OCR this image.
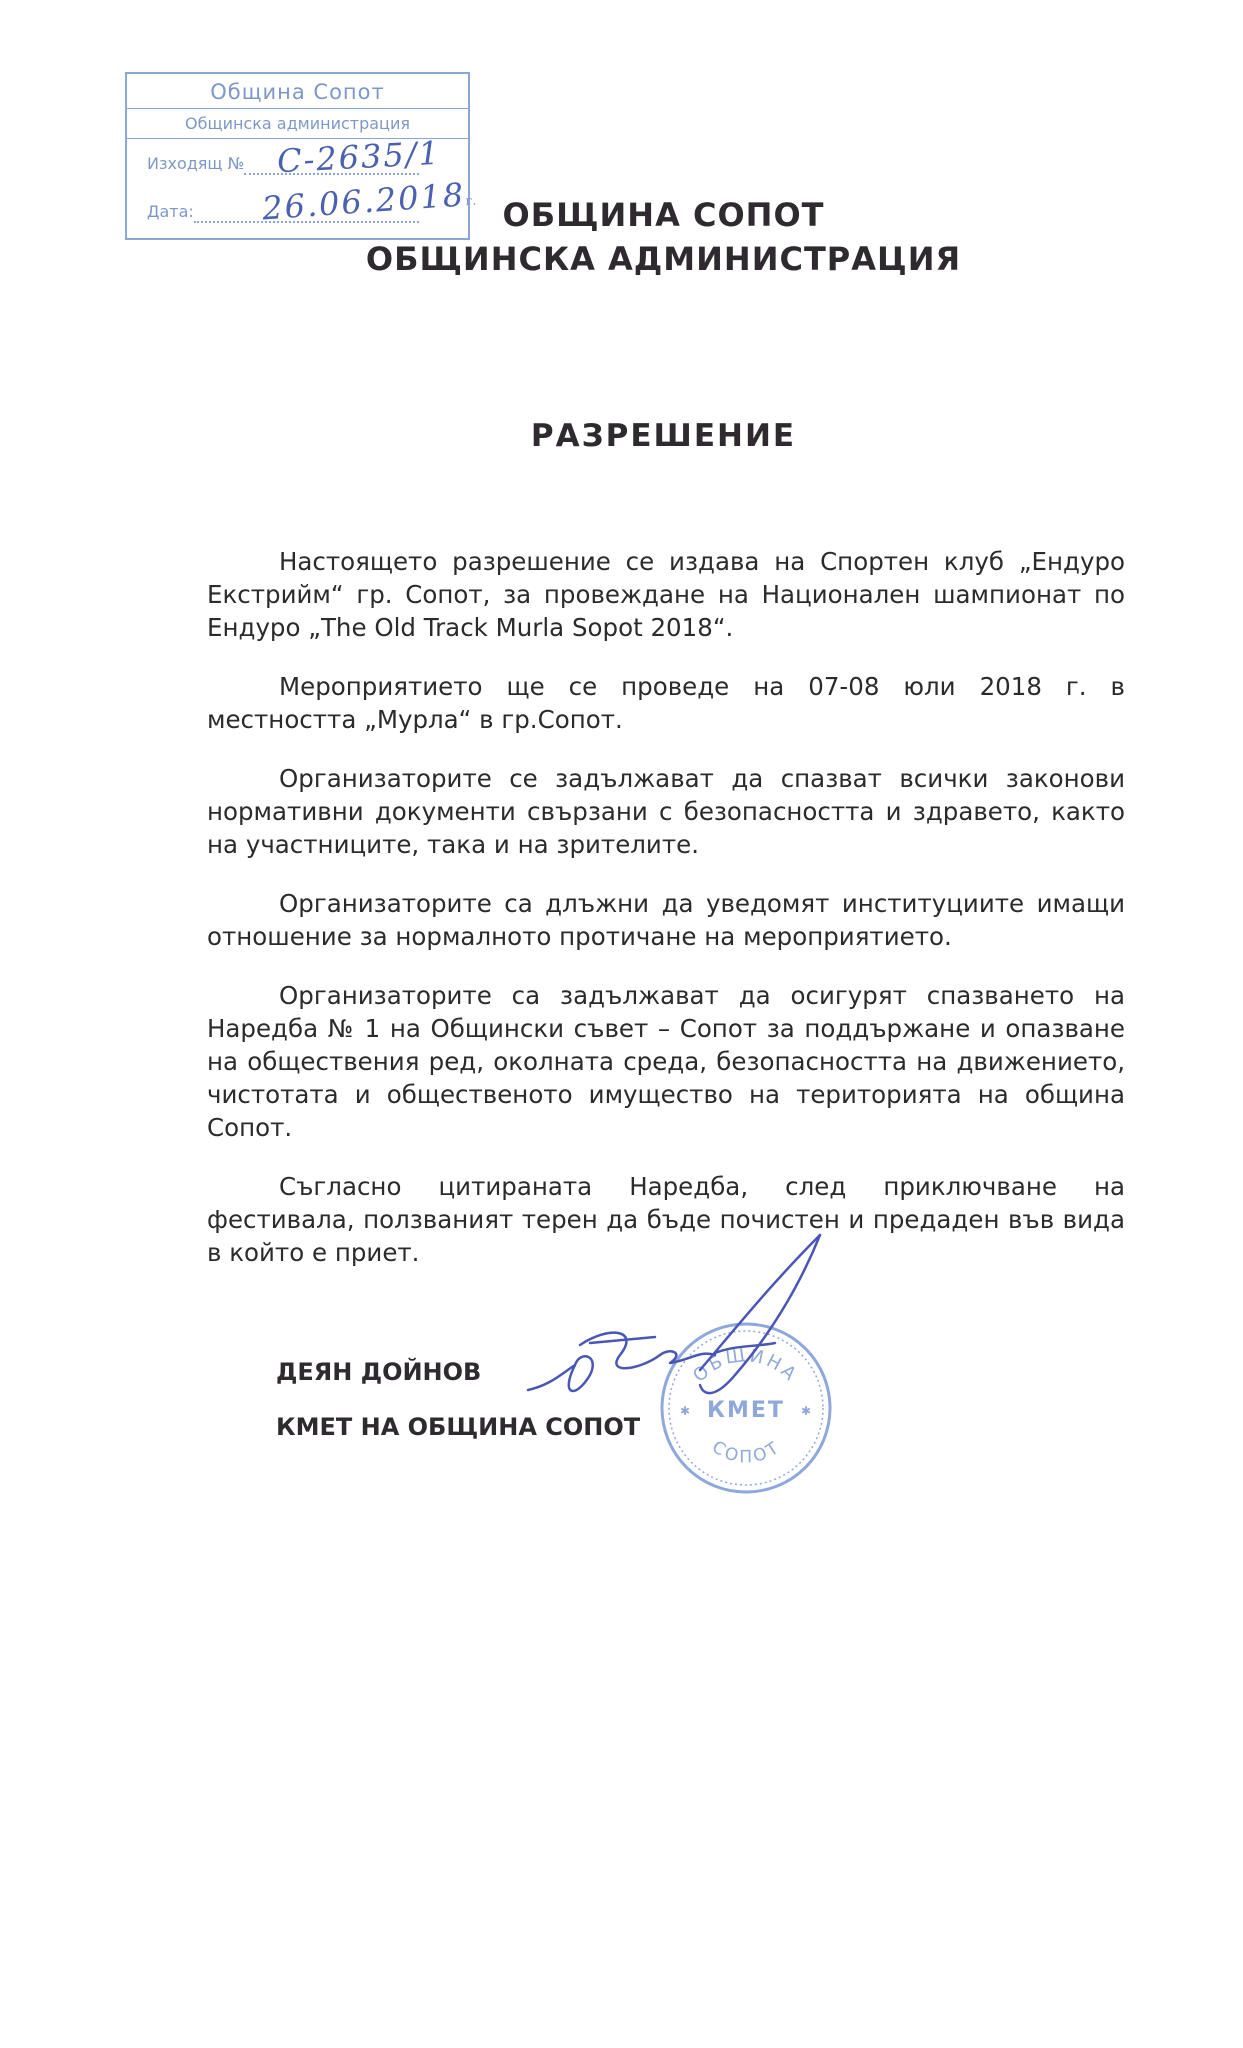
Община Сопот
Общинска администрация
Изходящ №
Дата:
С-2635/1
26.06.2018г. ОБЩИНА СОПОТ
ОБЩИНСКА АДМИНИСТРАЦИЯ
РАЗРЕШЕНИЕ

Настоящето разрешение се издава на Спортен клуб „Ендуро Екстрийм“ гр. Сопот, за провеждане на Национален шампионат по Ендуро „The Old Track Murla Sopot 2018“.

Мероприятието ще се проведе на 07-08 юли 2018 г. в местността „Мурла“ в гр.Сопот.

Организаторите се задължават да спазват всички законови нормативни документи свързани с безопасността и здравето, както на участниците, така и на зрителите.

Организаторите са длъжни да уведомят институциите имащи отношение за нормалното протичане на мероприятието.

Организаторите са задължават да осигурят спазването на Наредба № 1 на Общински съвет – Сопот за поддържане и опазване на обществения ред, околната среда, безопасността на движението, чистотата и общественото имущество на територията на община Сопот.

Съгласно цитираната Наредба, след приключване на фестивала, ползваният терен да бъде почистен и предаден във вида в който е приет.

ДЕЯН ДОЙНОВ
КМЕТ НА ОБЩИНА СОПОТ
ОБЩИНА
СОПОТ
КМЕТ
✱	✱
